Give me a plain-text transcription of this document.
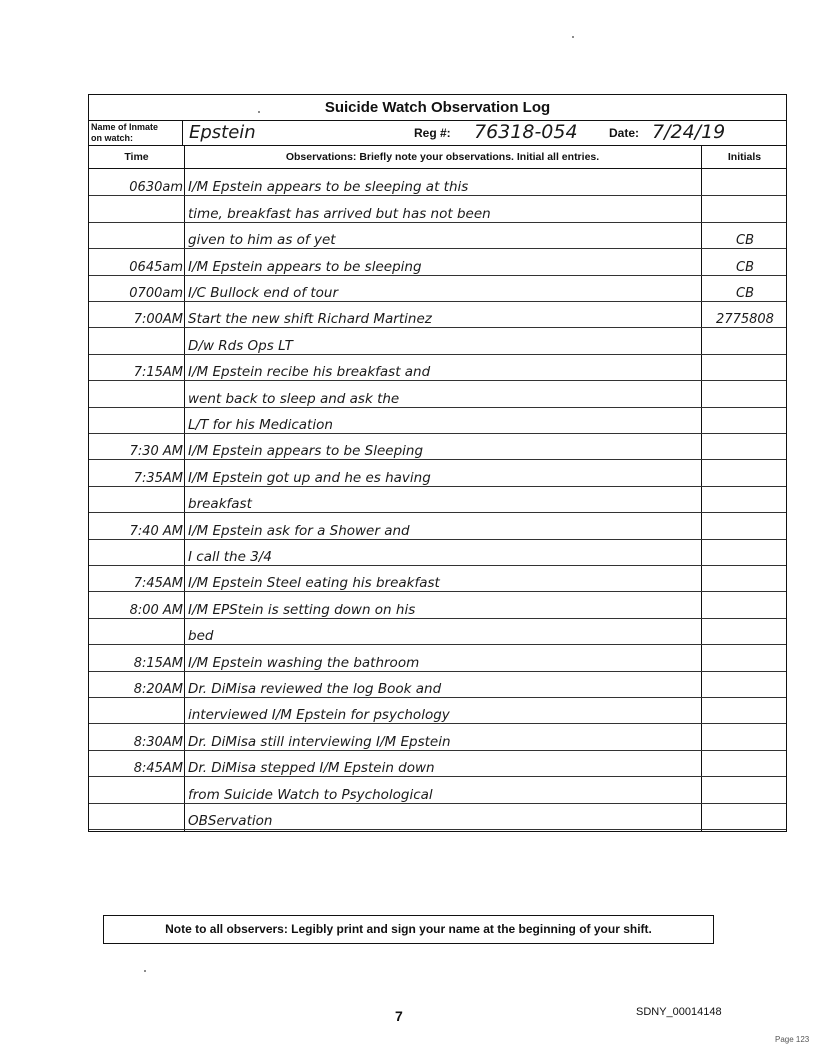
Suicide Watch Observation Log
Name of Inmate
on watch:	Epstein	Reg #: 76318-054	Date: 7/24/19
Time	Observations: Briefly note your observations. Initial all entries.	Initials
0630am I/M Epstein appears to be sleeping at this
time, breakfast has arrived but has not been
given to him as of yet	CB
0645am I/M Epstein appears to be sleeping	CB
0700am I/C Bullock end of tour	CB
7:00AM Start the new shift Richard Martinez	2775808
D/w Rds Ops LT
7:15AM I/M Epstein recibe his breakfast and
went back to sleep and ask the
L/T for his Medication
7:30 AM I/M Epstein appears to be Sleeping
7:35AM I/M Epstein got up and he es having
breakfast
7:40 AM I/M Epstein ask for a Shower and
I call the 3/4
7:45AM I/M Epstein Steel eating his breakfast
8:00 AM I/M EPStein is setting down on his
bed
8:15AM I/M Epstein washing the bathroom
8:20AM Dr. DiMisa reviewed the log Book and
interviewed I/M Epstein for psychology
8:30AM Dr. DiMisa still interviewing I/M Epstein
8:45AM Dr. DiMisa stepped I/M Epstein down
from Suicide Watch to Psychological
OBServation
Note to all observers: Legibly print and sign your name at the beginning of your shift.
7	SDNY_00014148
Page 123
